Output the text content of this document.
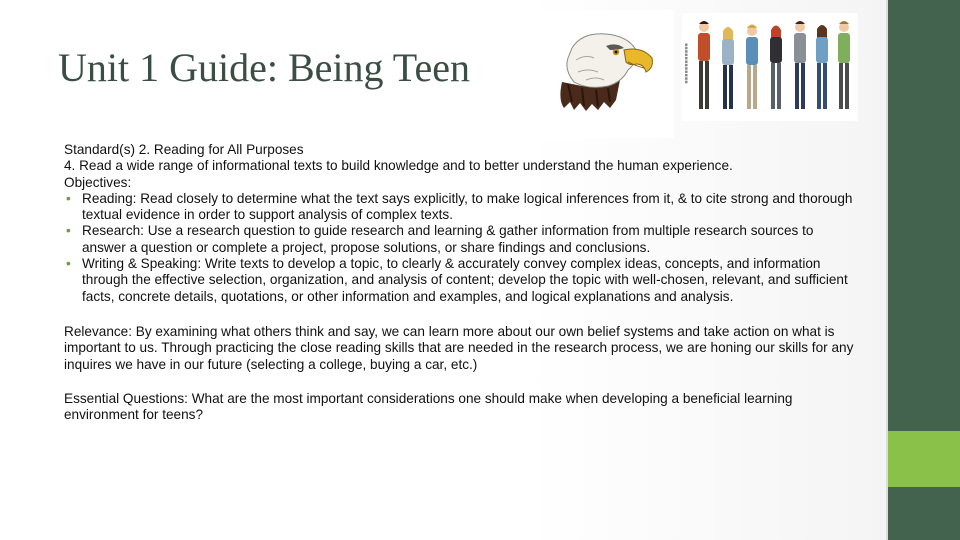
Unit 1 Guide: Being Teen	▪▪▪▪▪▪▪▪▪▪▪▪

Standard(s) 2. Reading for All Purposes

4. Read a wide range of informational texts to build knowledge and to better understand the human experience.

Objectives:

• Reading: Read closely to determine what the text says explicitly, to make logical inferences from it, & to cite strong and thorough textual evidence in order to support analysis of complex texts.
• Research: Use a research question to guide research and learning & gather information from multiple research sources to answer a question or complete a project, propose solutions, or share findings and conclusions.
• Writing & Speaking: Write texts to develop a topic, to clearly & accurately convey complex ideas, concepts, and information through the effective selection, organization, and analysis of content; develop the topic with well-chosen, relevant, and sufficient facts, concrete details, quotations, or other information and examples, and logical explanations and analysis.

Relevance: By examining what others think and say, we can learn more about our own belief systems and take action on what is important to us. Through practicing the close reading skills that are needed in the research process, we are honing our skills for any inquires we have in our future (selecting a college, buying a car, etc.)

Essential Questions: What are the most important considerations one should make when developing a beneficial learning environment for teens?
